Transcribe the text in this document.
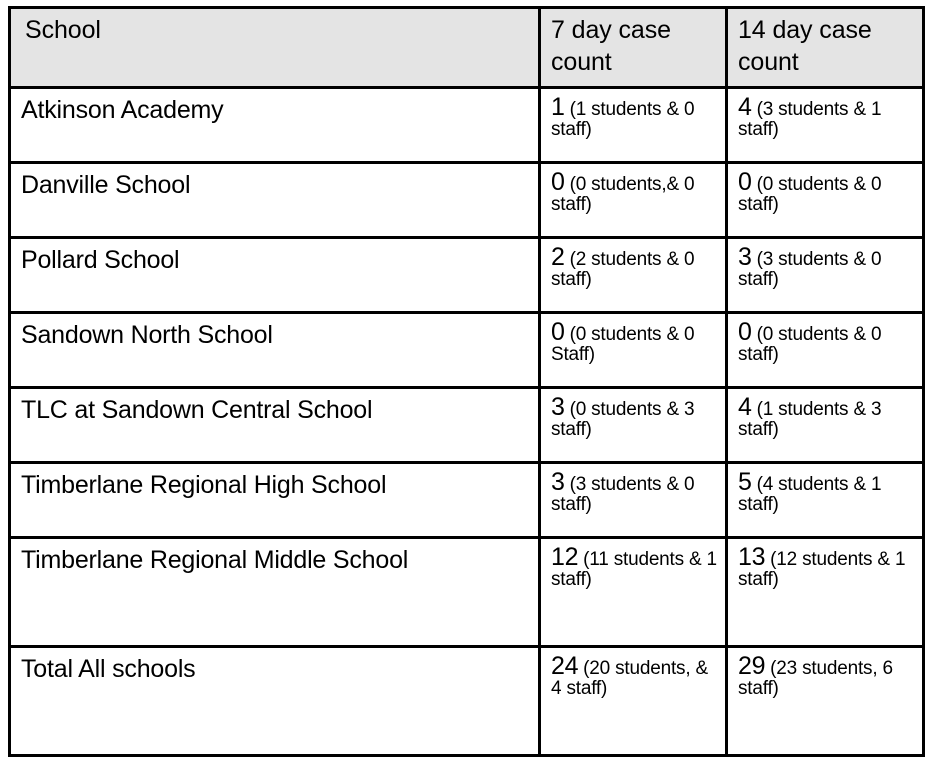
School	7 day case count	14 day case count
Atkinson Academy	1 (1 students & 0 staff)	4 (3 students & 1 staff)
Danville School	0 (0 students,& 0 staff)	0 (0 students & 0 staff)
Pollard School	2 (2 students & 0 staff)	3 (3 students & 0 staff)
Sandown North School	0 (0 students & 0 Staff)	0 (0 students & 0 staff)
TLC at Sandown Central School	3 (0 students & 3 staff)	4 (1 students & 3 staff)
Timberlane Regional High School	3 (3 students & 0 staff)	5 (4 students & 1 staff)
Timberlane Regional Middle School	12 (11 students & 1 staff)	13 (12 students & 1 staff)
Total All schools	24 (20 students, & 4 staff)	29 (23 students, 6 staff)
